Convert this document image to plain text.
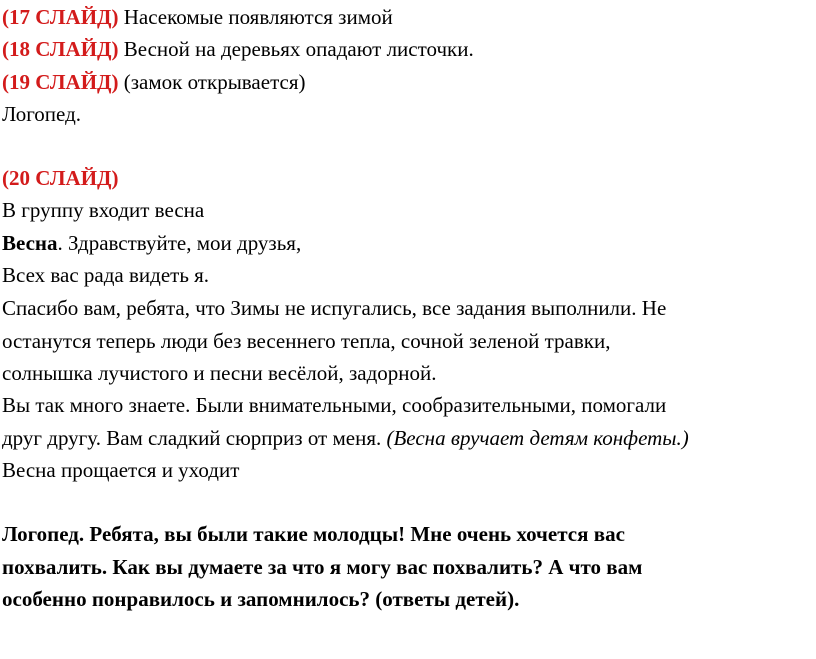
(17 СЛАЙД) Насекомые появляются зимой
(18 СЛАЙД) Весной на деревьях опадают листочки.
(19 СЛАЙД) (замок открывается)
Логопед.
(20 СЛАЙД)
В группу входит весна
Весна. Здравствуйте, мои друзья,
Всех вас рада видеть я.
Спасибо вам, ребята, что Зимы не испугались, все задания выполнили. Не
останутся теперь люди без весеннего тепла, сочной зеленой травки,
солнышка лучистого и песни весёлой, задорной.
Вы так много знаете. Были внимательными, сообразительными, помогали
друг другу. Вам сладкий сюрприз от меня. (Весна вручает детям конфеты.)
Весна прощается и уходит
Логопед. Ребята, вы были такие молодцы! Мне очень хочется вас
похвалить. Как вы думаете за что я могу вас похвалить? А что вам
особенно понравилось и запомнилось? (ответы детей).
